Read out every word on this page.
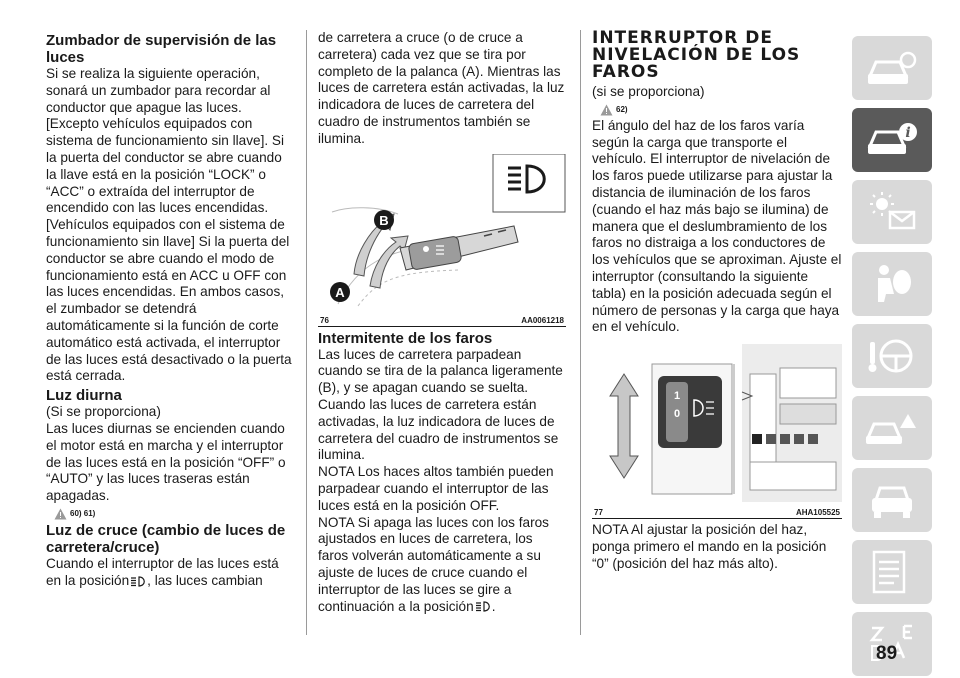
Zumbador de supervisión de las luces

Si se realiza la siguiente operación, sonará un zumbador para recordar al conductor que apague las luces. [Excepto vehículos equipados con sistema de funcionamiento sin llave]. Si la puerta del conductor se abre cuando la llave está en la posición “LOCK” o “ACC” o extraída del interruptor de encendido con las luces encendidas. [Vehículos equipados con el sistema de funcionamiento sin llave] Si la puerta del conductor se abre cuando el modo de funcionamiento está en ACC u OFF con las luces encendidas. En ambos casos, el zumbador se detendrá automáticamente si la función de corte automático está activada, el interruptor de las luces está desactivado o la puerta está cerrada.

Luz diurna

(Si se proporciona)

Las luces diurnas se encienden cuando el motor está en marcha y el interruptor de las luces está en la posición “OFF” o “AUTO” y las luces traseras están apagadas.

60) 61)
Luz de cruce (cambio de luces de carretera/cruce)

Cuando el interruptor de las luces está en la posición , las luces cambian

de carretera a cruce (o de cruce a carretera) cada vez que se tira por completo de la palanca (A). Mientras las luces de carretera están activadas, la luz indicadora de luces de carretera del cuadro de instrumentos también se ilumina.

B
A
76	AA0061218
Intermitente de los faros

Las luces de carretera parpadean cuando se tira de la palanca ligeramente (B), y se apagan cuando se suelta. Cuando las luces de carretera están activadas, la luz indicadora de luces de carretera del cuadro de instrumentos se ilumina.

NOTA Los haces altos también pueden parpadear cuando el interruptor de las luces está en la posición OFF.

NOTA Si apaga las luces con los faros ajustados en luces de carretera, los faros volverán automáticamente a su ajuste de luces de cruce cuando el interruptor de las luces se gire a continuación a la posición .

INTERRUPTOR DE NIVELACIÓN DE LOS FAROS

(si se proporciona)

62)

El ángulo del haz de los faros varía según la carga que transporte el vehículo. El interruptor de nivelación de los faros puede utilizarse para ajustar la distancia de iluminación de los faros (cuando el haz más bajo se ilumina) de manera que el deslumbramiento de los faros no distraiga a los conductores de los vehículos que se aproximan. Ajuste el interruptor (consultando la siguiente tabla) en la posición adecuada según el número de personas y la carga que haya en el vehículo.

1
0
77	AHA105525

NOTA Al ajustar la posición del haz, ponga primero el mando en la posición “0” (posición del haz más alto).

i
89
